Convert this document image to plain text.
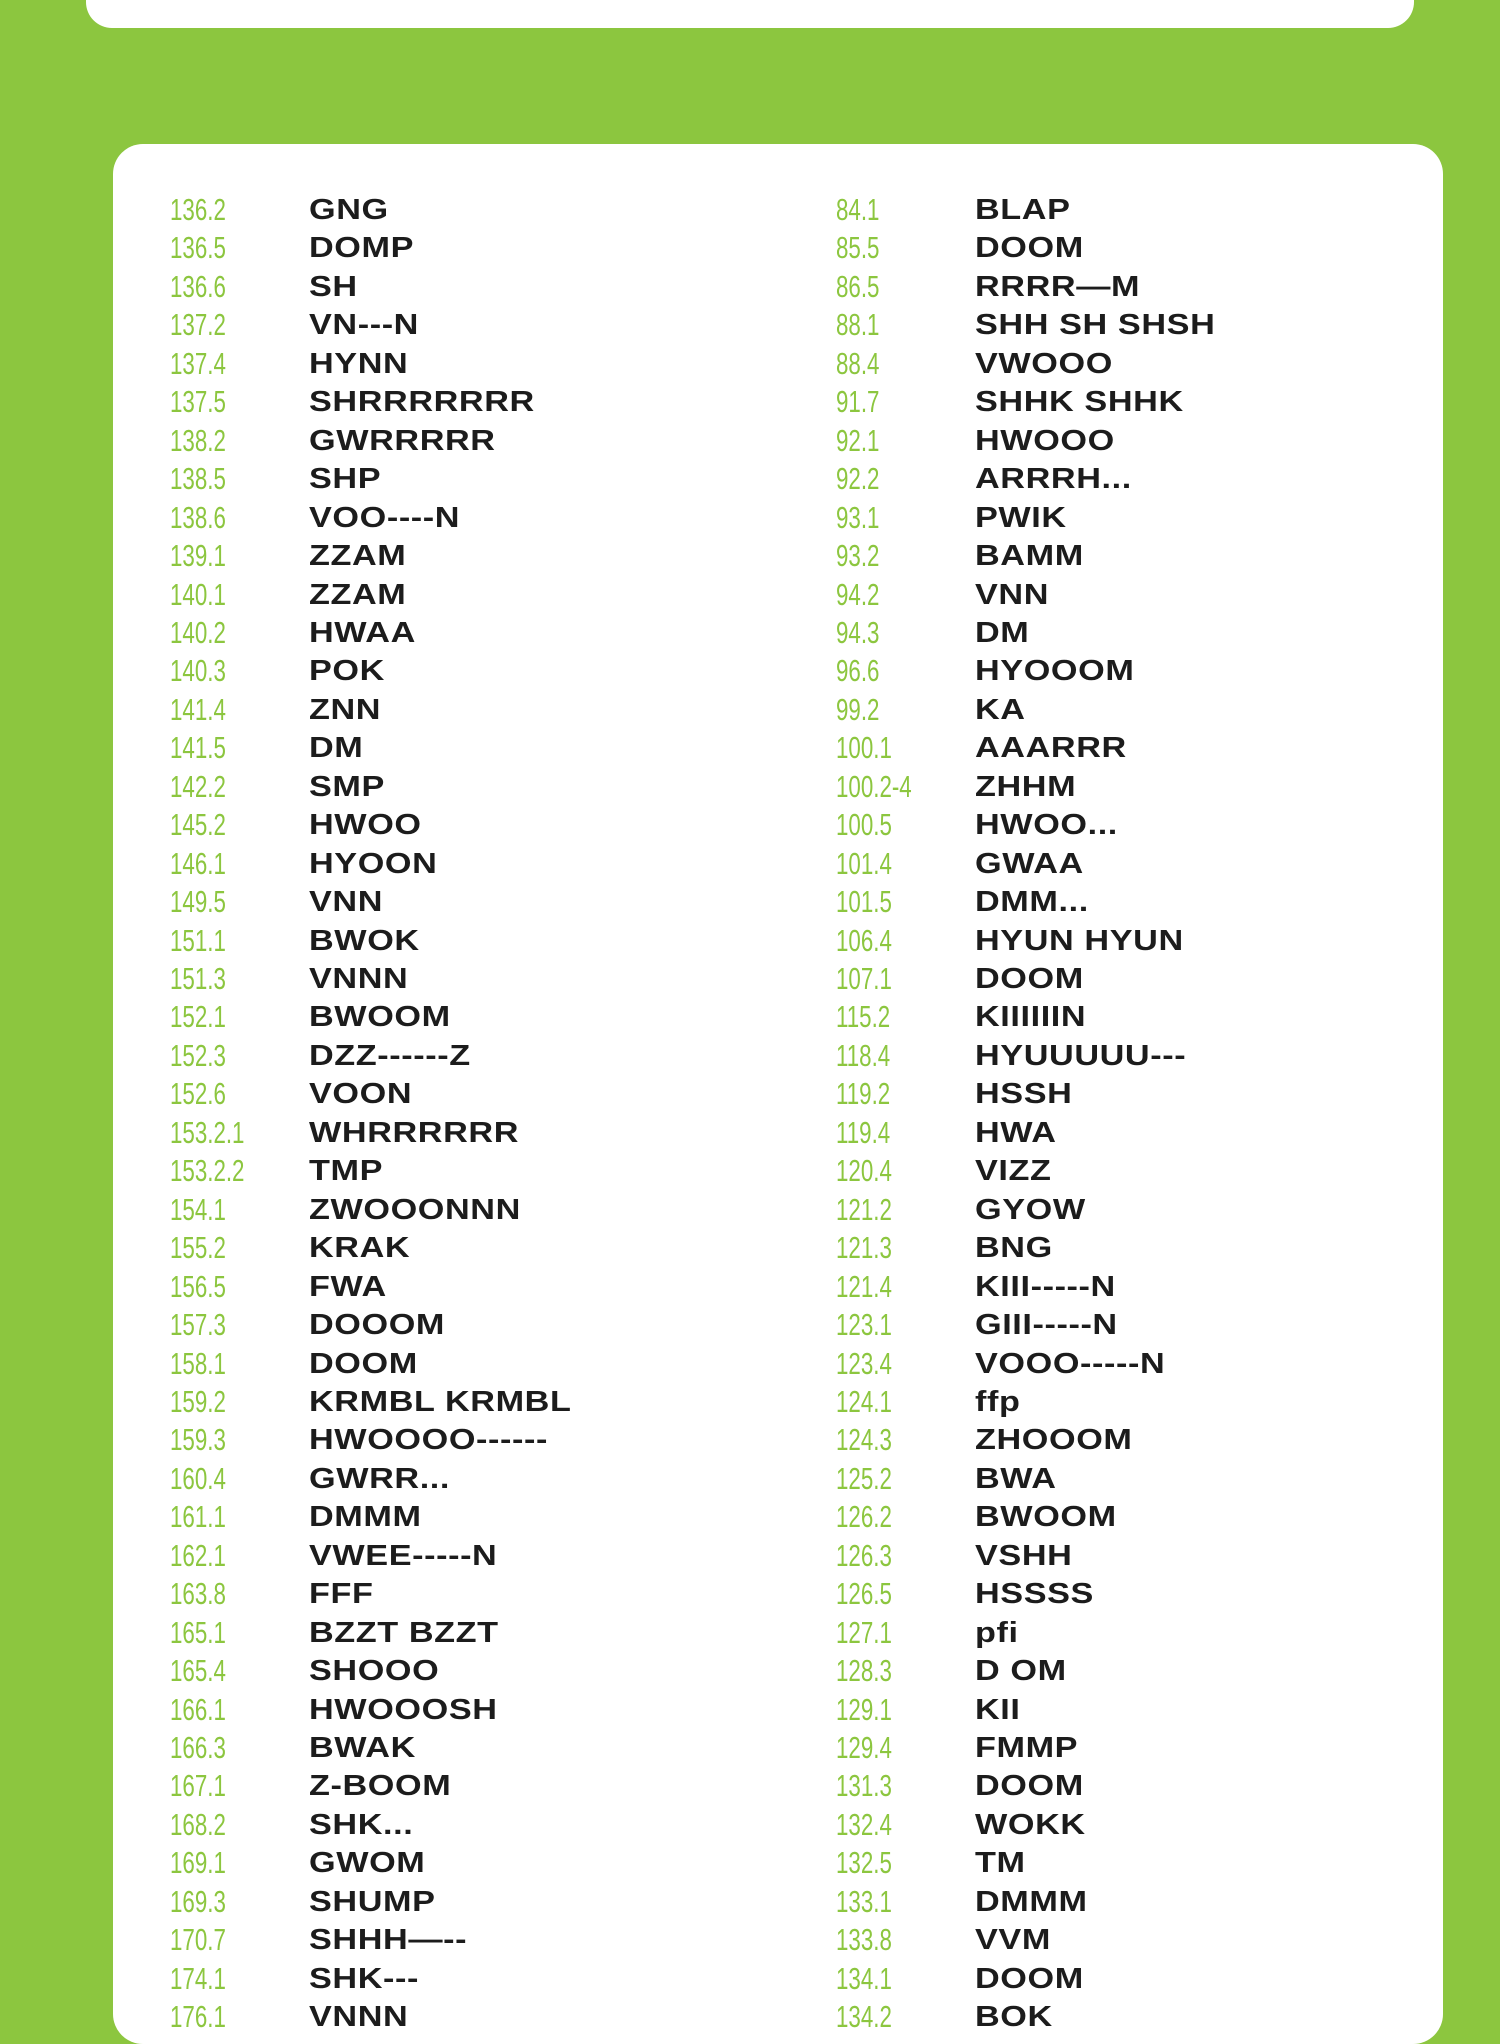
136.2	GNG
136.5	DOMP
136.6	SH
137.2	VN---N
137.4	HYNN
137.5	SHRRRRRRR
138.2	GWRRRRR
138.5	SHP
138.6	VOO----N
139.1	ZZAM
140.1	ZZAM
140.2	HWAA
140.3	POK
141.4	ZNN
141.5	DM
142.2	SMP
145.2	HWOO
146.1	HYOON
149.5	VNN
151.1	BWOK
151.3	VNNN
152.1	BWOOM
152.3	DZZ------Z
152.6	VOON
153.2.1 WHRRRRRR
153.2.2 TMP
154.1	ZWOOONNN
155.2	KRAK
156.5	FWA
157.3	DOOOM
158.1	DOOM
159.2	KRMBL KRMBL
159.3	HWOOOO------
160.4	GWRR...
161.1	DMMM
162.1	VWEE-----N
163.8	FFF
165.1	BZZT BZZT
165.4	SHOOO
166.1	HWOOOSH
166.3	BWAK
167.1	Z-BOOM
168.2	SHK...
169.1	GWOM
169.3	SHUMP
170.7	SHHH—--
174.1	SHK---
176.1	VNNN
84.1	BLAP
85.5	DOOM
86.5	RRRR—M
88.1	SHH SH SHSH
88.4	VWOOO
91.7	SHHK SHHK
92.1	HWOOO
92.2	ARRRH...
93.1	PWIK
93.2	BAMM
94.2	VNN
94.3	DM
96.6	HYOOOM
99.2	KA
100.1	AAARRR
100.2-4 ZHHM
100.5	HWOO...
101.4	GWAA
101.5	DMM...
106.4	HYUN HYUN
107.1	DOOM
115.2	KIIIIIIN
118.4	HYUUUUU---
119.2	HSSH
119.4	HWA
120.4	VIZZ
121.2	GYOW
121.3	BNG
121.4	KIII-----N
123.1	GIII-----N
123.4	VOOO-----N
124.1	ffp
124.3	ZHOOOM
125.2	BWA
126.2	BWOOM
126.3	VSHH
126.5	HSSSS
127.1	pfi
128.3	D OM
129.1	KII
129.4	FMMP
131.3	DOOM
132.4	WOKK
132.5	TM
133.1	DMMM
133.8	VVM
134.1	DOOM
134.2	BOK
